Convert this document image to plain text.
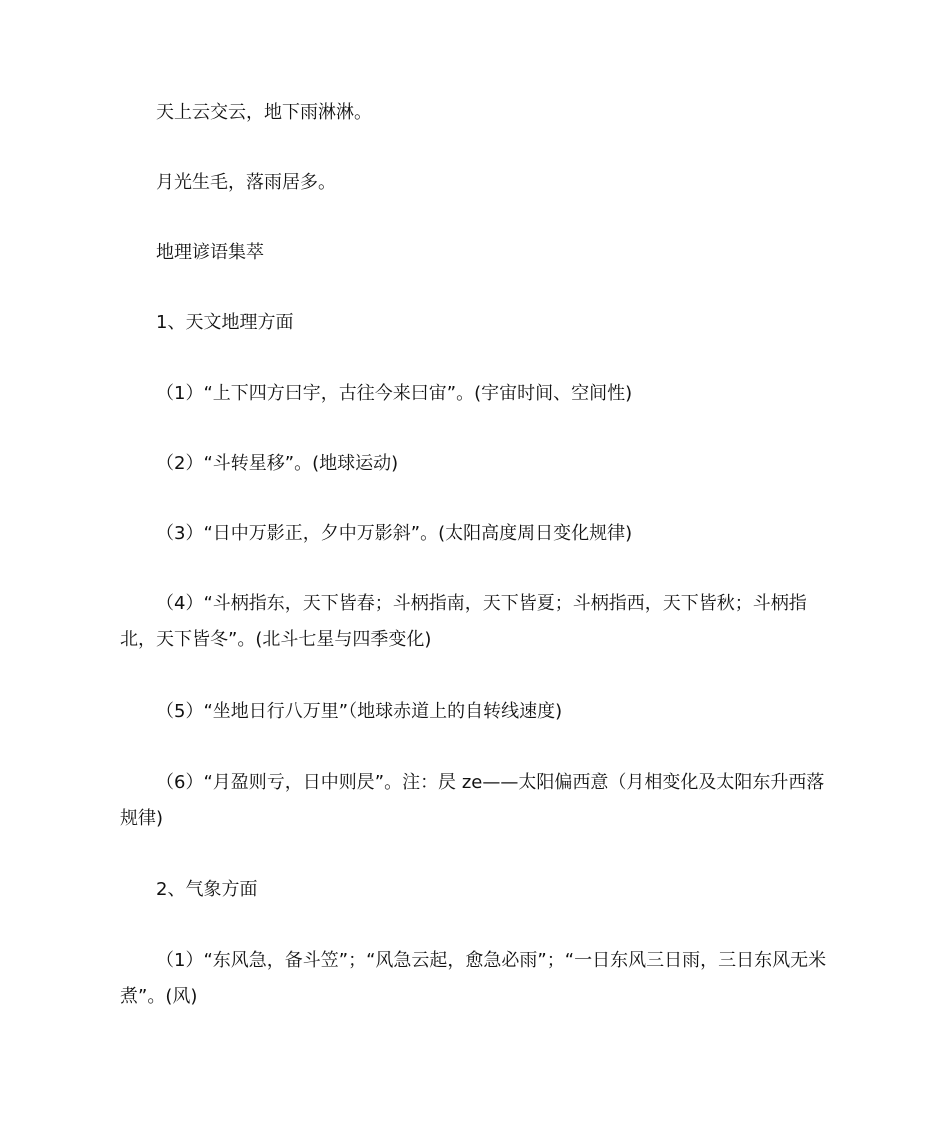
天上云交云，地下雨淋淋。

月光生毛，落雨居多。

地理谚语集萃

1、天文地理方面

（1）“上下四方曰宇，古往今来曰宙”。(宇宙时间、空间性)

（2）“斗转星移”。(地球运动)

（3）“日中万影正，夕中万影斜”。(太阳高度周日变化规律)

（4）“斗柄指东，天下皆春；斗柄指南，天下皆夏；斗柄指西，天下皆秋；斗柄指北，天下皆冬”。(北斗七星与四季变化)

（5）“坐地日行八万里”（地球赤道上的自转线速度)

（6）“月盈则亏，日中则昃”。注：昃 ze——太阳偏西意（月相变化及太阳东升西落规律)

2、气象方面

（1）“东风急，备斗笠”；“风急云起，愈急必雨”；“一日东风三日雨，三日东风无米煮”。(风)
